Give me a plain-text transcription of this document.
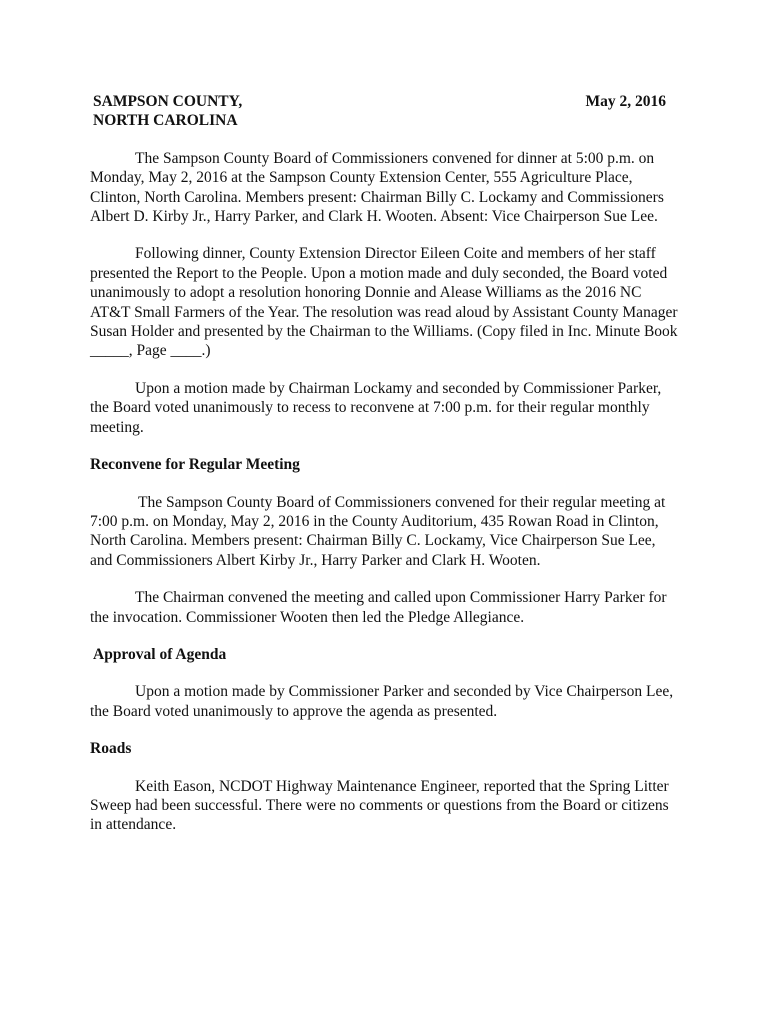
SAMPSON COUNTY,
NORTH CAROLINA
May 2, 2016

The Sampson County Board of Commissioners convened for dinner at 5:00 p.m. on Monday, May 2, 2016 at the Sampson County Extension Center, 555 Agriculture Place, Clinton, North Carolina. Members present: Chairman Billy C. Lockamy and Commissioners Albert D. Kirby Jr., Harry Parker, and Clark H. Wooten. Absent: Vice Chairperson Sue Lee.

Following dinner, County Extension Director Eileen Coite and members of her staff presented the Report to the People. Upon a motion made and duly seconded, the Board voted unanimously to adopt a resolution honoring Donnie and Alease Williams as the 2016 NC AT&T Small Farmers of the Year. The resolution was read aloud by Assistant County Manager Susan Holder and presented by the Chairman to the Williams. (Copy filed in Inc. Minute Book _____, Page ____.)

Upon a motion made by Chairman Lockamy and seconded by Commissioner Parker, the Board voted unanimously to recess to reconvene at 7:00 p.m. for their regular monthly meeting.

Reconvene for Regular Meeting

The Sampson County Board of Commissioners convened for their regular meeting at 7:00 p.m. on Monday, May 2, 2016 in the County Auditorium, 435 Rowan Road in Clinton, North Carolina. Members present: Chairman Billy C. Lockamy, Vice Chairperson Sue Lee, and Commissioners Albert Kirby Jr., Harry Parker and Clark H. Wooten.

The Chairman convened the meeting and called upon Commissioner Harry Parker for the invocation. Commissioner Wooten then led the Pledge Allegiance.

Approval of Agenda

Upon a motion made by Commissioner Parker and seconded by Vice Chairperson Lee, the Board voted unanimously to approve the agenda as presented.

Roads

Keith Eason, NCDOT Highway Maintenance Engineer, reported that the Spring Litter Sweep had been successful. There were no comments or questions from the Board or citizens in attendance.
